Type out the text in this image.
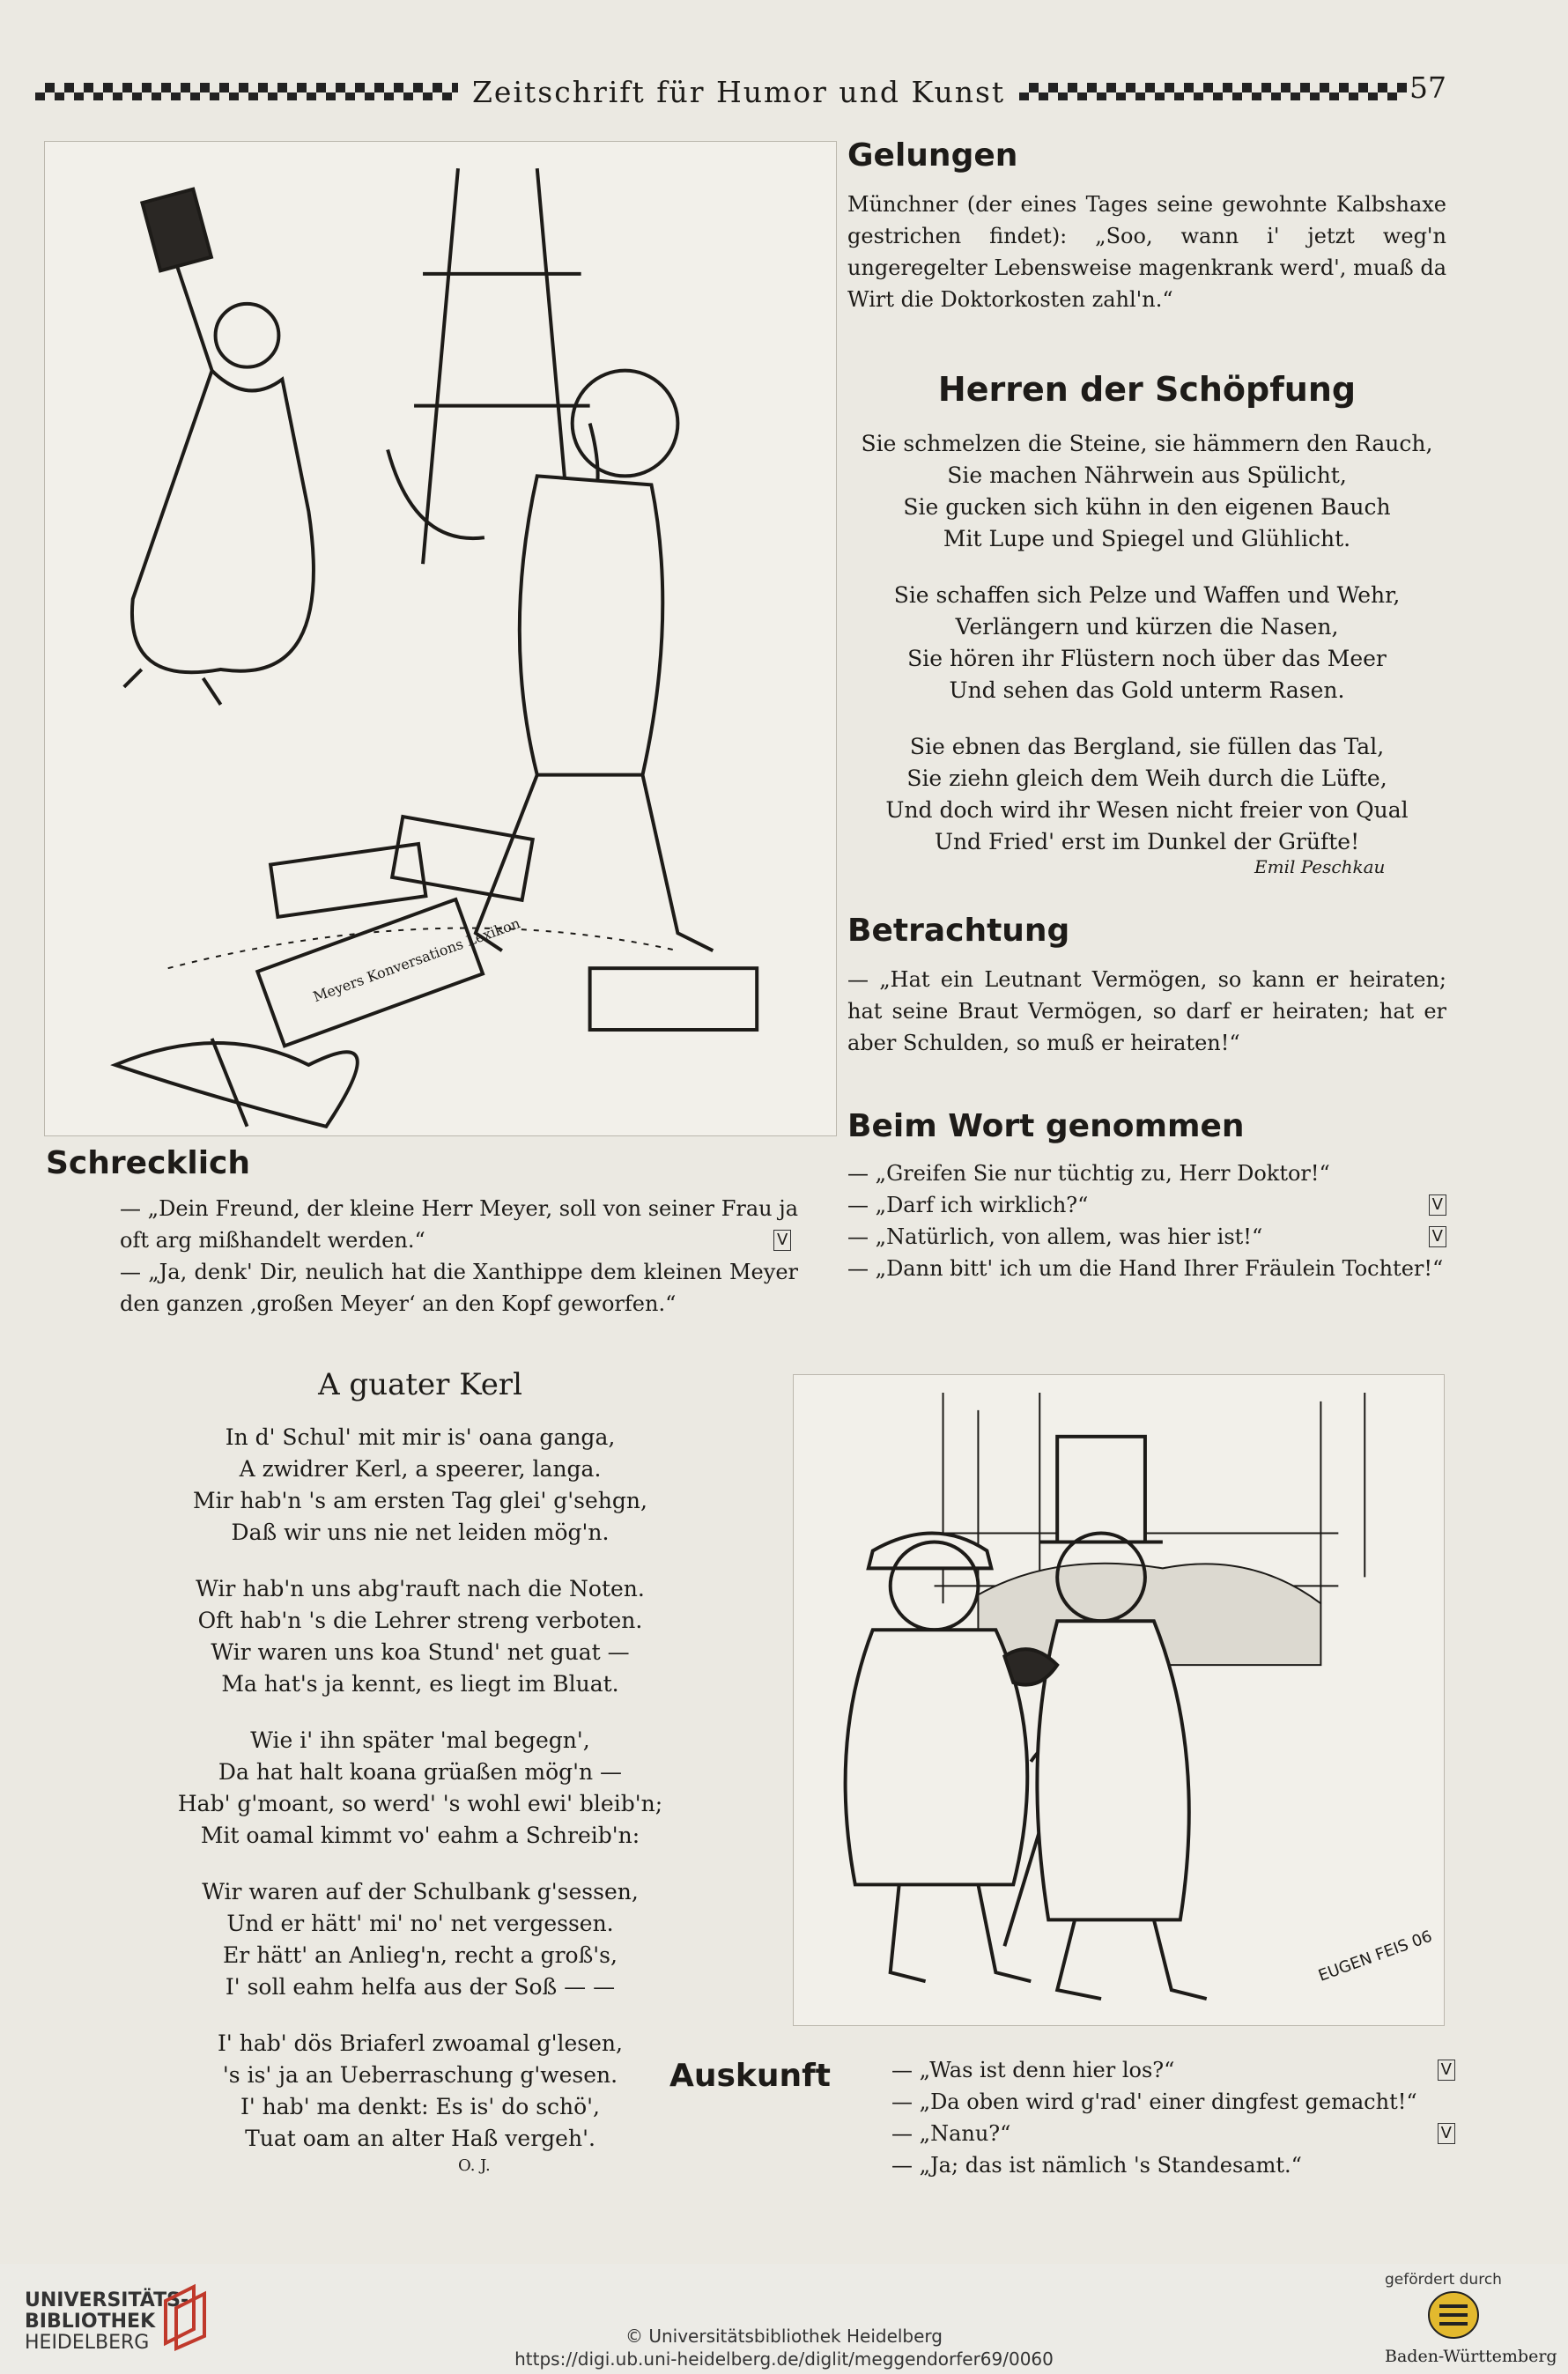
Zeitschrift für Humor und Kunst	57
Meyers Konversations Lexikon
Gelungen
Münchner (der eines Tages seine gewohnte Kalbshaxe gestrichen findet): „Soo, wann i' jetzt weg'n ungeregelter Lebensweise magenkrank werd', muaß da Wirt die Doktorkosten zahl'n.“
Herren der Schöpfung
Sie schmelzen die Steine, sie hämmern den Rauch,
Sie machen Nährwein aus Spülicht,
Sie gucken sich kühn in den eigenen Bauch
Mit Lupe und Spiegel und Glühlicht.
Sie schaffen sich Pelze und Waffen und Wehr,
Verlängern und kürzen die Nasen,
Sie hören ihr Flüstern noch über das Meer
Und sehen das Gold unterm Rasen.
Sie ebnen das Bergland, sie füllen das Tal,
Sie ziehn gleich dem Weih durch die Lüfte,
Und doch wird ihr Wesen nicht freier von Qual
Und Fried' erst im Dunkel der Grüfte!
Emil Peschkau
Betrachtung
— „Hat ein Leutnant Vermögen, so kann er heiraten; hat seine Braut Vermögen, so darf er heiraten; hat er aber Schulden, so muß er heiraten!“
Beim Wort genommen
— „Greifen Sie nur tüchtig zu, Herr Doktor!“
— „Darf ich wirklich?“	V
— „Natürlich, von allem, was hier ist!“	V
— „Dann bitt' ich um die Hand Ihrer Fräulein Tochter!“
Schrecklich
— „Dein Freund, der kleine Herr Meyer, soll von seiner Frau ja oft arg mißhandelt werden.“	V
— „Ja, denk' Dir, neulich hat die Xanthippe dem kleinen Meyer den ganzen ‚großen Meyer‘ an den Kopf geworfen.“
A guater Kerl
In d' Schul' mit mir is' oana ganga,
A zwidrer Kerl, a speerer, langa.
Mir hab'n 's am ersten Tag glei' g'sehgn,
Daß wir uns nie net leiden mög'n.
Wir hab'n uns abg'rauft nach die Noten.
Oft hab'n 's die Lehrer streng verboten.
Wir waren uns koa Stund' net guat —
Ma hat's ja kennt, es liegt im Bluat.
Wie i' ihn später 'mal begegn',
Da hat halt koana grüaßen mög'n —
Hab' g'moant, so werd' 's wohl ewi' bleib'n;
Mit oamal kimmt vo' eahm a Schreib'n:
Wir waren auf der Schulbank g'sessen,
Und er hätt' mi' no' net vergessen.
Er hätt' an Anlieg'n, recht a groß's,
I' soll eahm helfa aus der Soß — —
I' hab' dös Briaferl zwoamal g'lesen,
's is' ja an Ueberraschung g'wesen.
I' hab' ma denkt: Es is' do schö',
Tuat oam an alter Haß vergeh'.
O. J.
EUGEN FEIS 06
Auskunft	— „Was ist denn hier los?“	V
— „Da oben wird g'rad' einer dingfest gemacht!“
— „Nanu?“	V
— „Ja; das ist nämlich 's Standesamt.“
UNIVERSITÄTS-
BIBLIOTHEK
HEIDELBERG	© Universitätsbibliothek Heidelberg
https://digi.ub.uni-heidelberg.de/diglit/meggendorfer69/0060
gefördert durch
Baden-Württemberg
